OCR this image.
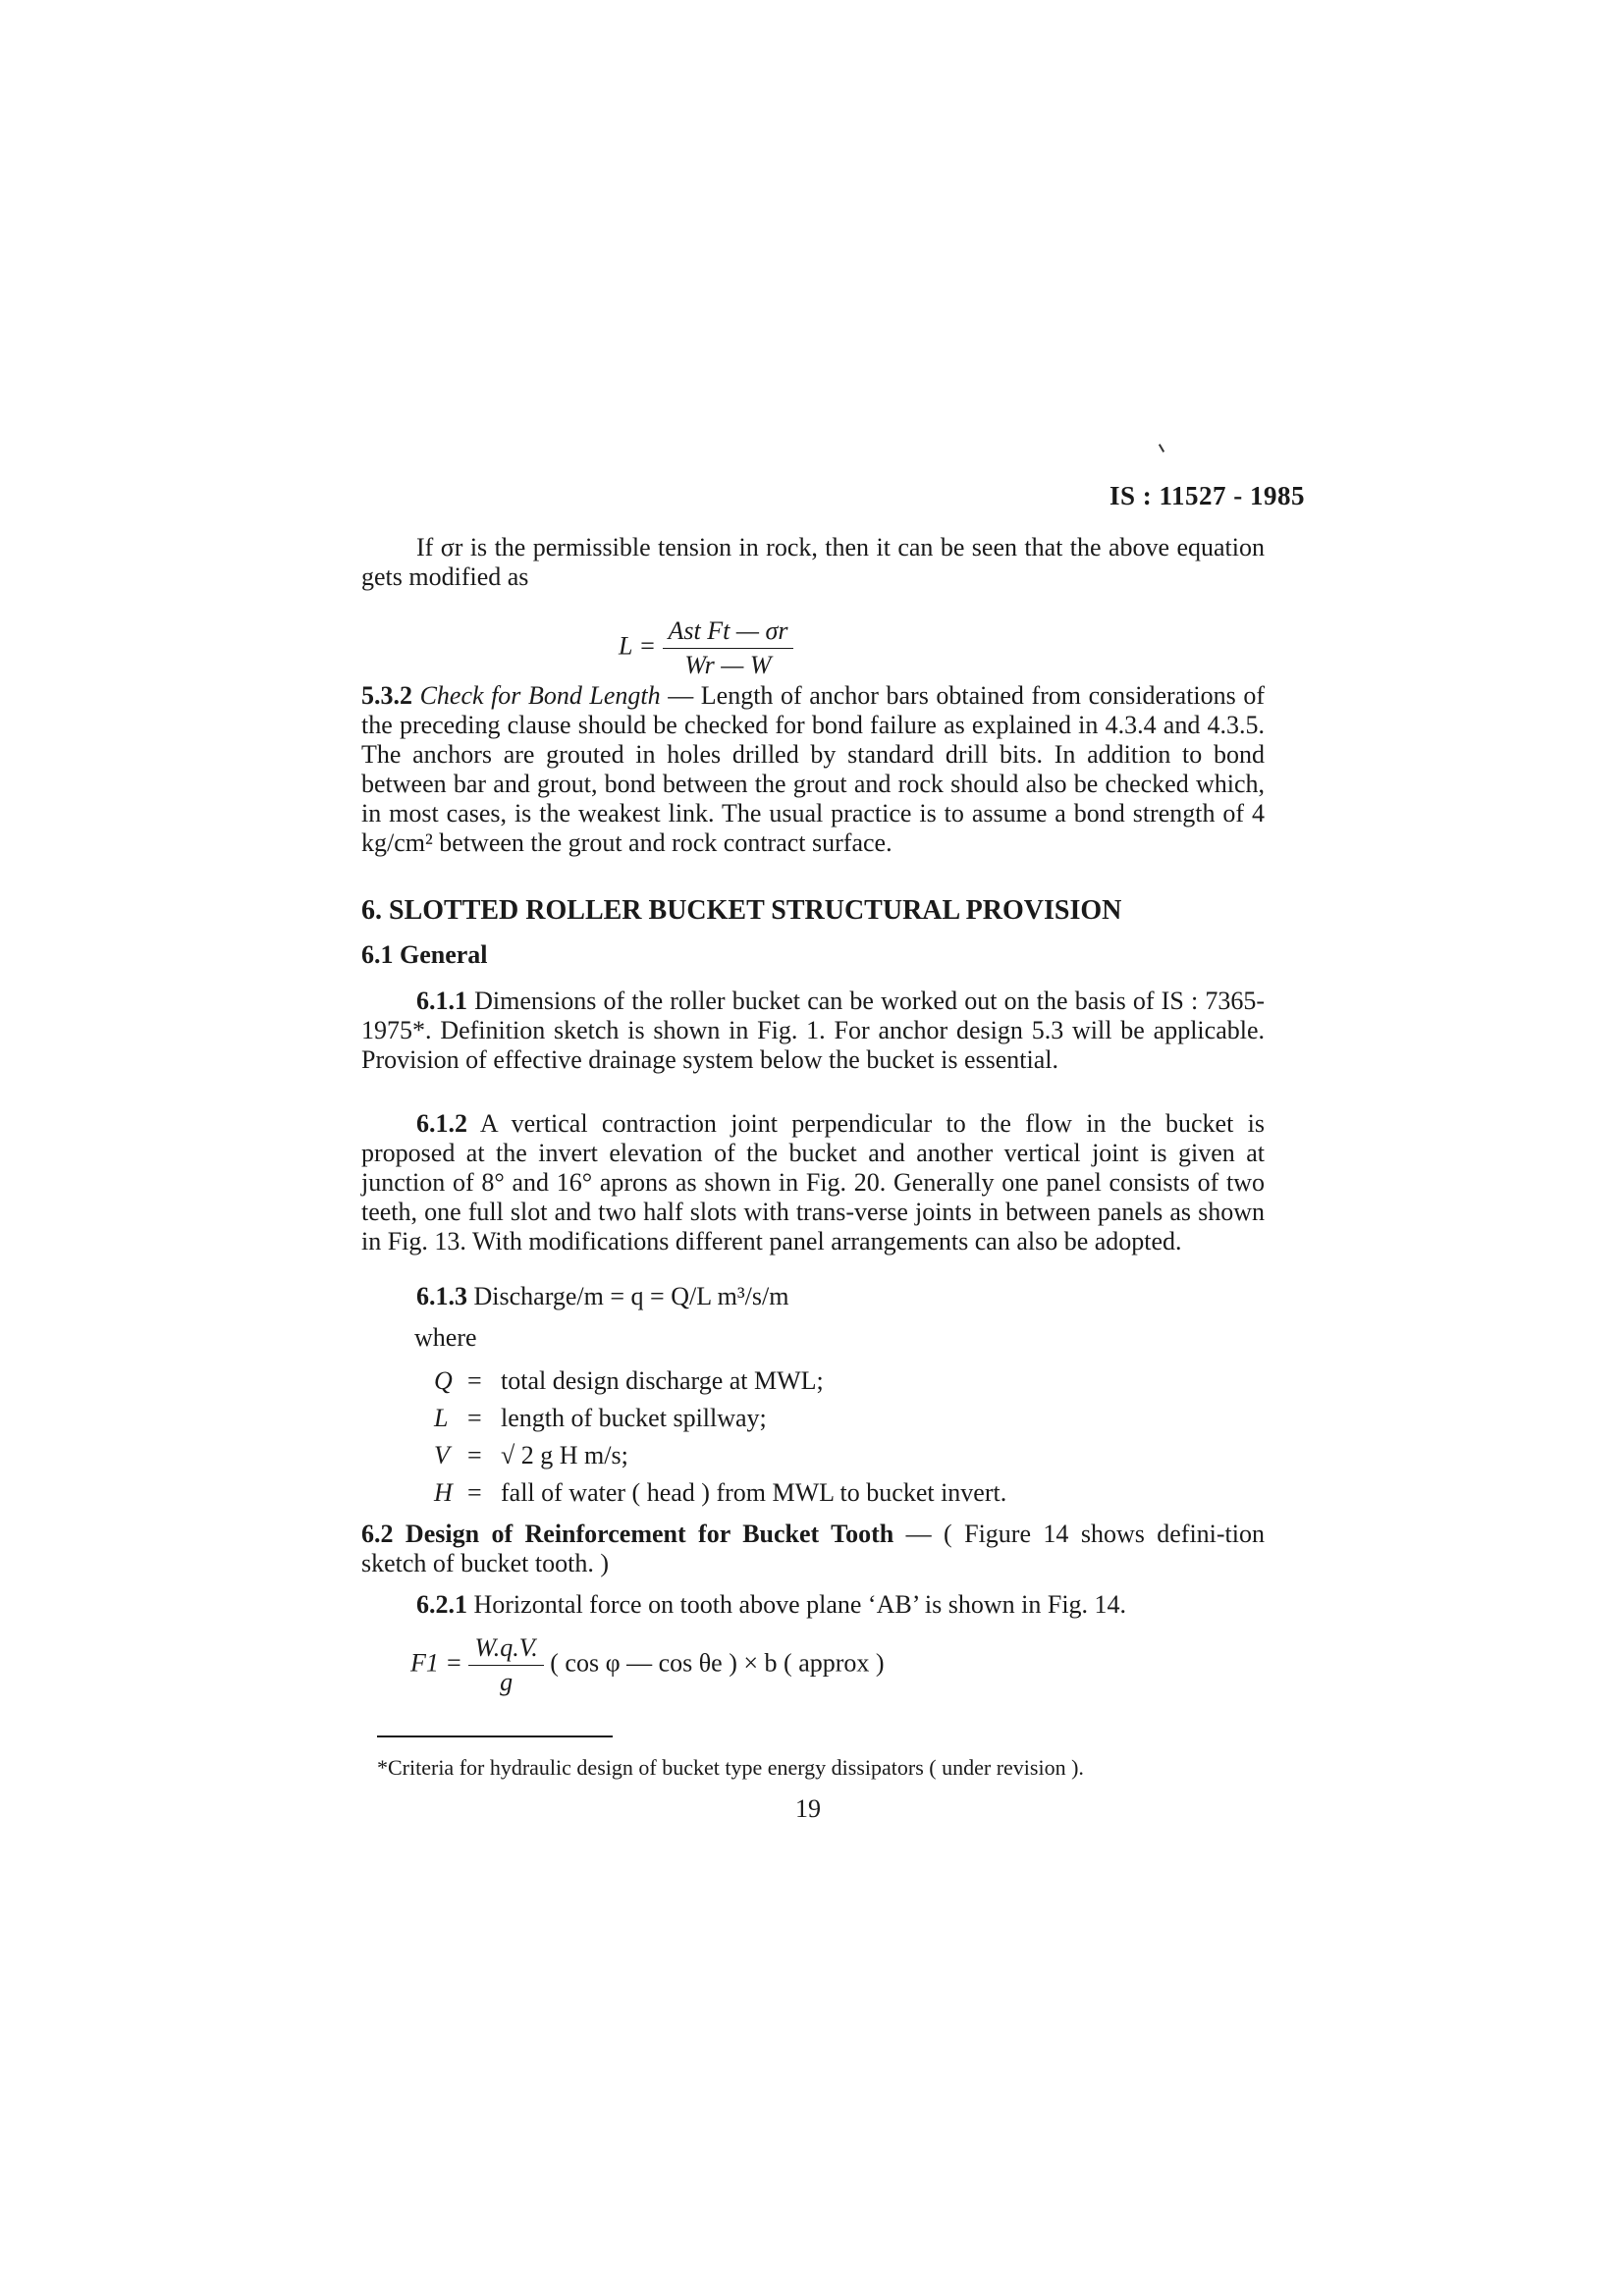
IS : 11527 - 1985

If σr is the permissible tension in rock, then it can be seen that the above equation gets modified as

$L = \frac{\text{Ast Ft — σr}}{Wr — W}$

5.3.2 Check for Bond Length — Length of anchor bars obtained from considerations of the preceding clause should be checked for bond failure as explained in 4.3.4 and 4.3.5. The anchors are grouted in holes drilled by standard drill bits. In addition to bond between bar and grout, bond between the grout and rock should also be checked which, in most cases, is the weakest link. The usual practice is to assume a bond strength of 4 kg/cm² between the grout and rock contract surface.

6. SLOTTED ROLLER BUCKET STRUCTURAL PROVISION
6.1 General

6.1.1 Dimensions of the roller bucket can be worked out on the basis of IS : 7365-1975*. Definition sketch is shown in Fig. 1. For anchor design 5.3 will be applicable. Provision of effective drainage system below the bucket is essential.

6.1.2 A vertical contraction joint perpendicular to the flow in the bucket is proposed at the invert elevation of the bucket and another vertical joint is given at junction of 8° and 16° aprons as shown in Fig. 20. Generally one panel consists of two teeth, one full slot and two half slots with trans-verse joints in between panels as shown in Fig. 13. With modifications different panel arrangements can also be adopted.

6.1.3 Discharge/m = q = Q/L m³/s/m

where

Q = total design discharge at MWL;
L = length of bucket spillway;
V = √ 2 g H m/s;
H = fall of water ( head ) from MWL to bucket invert.

6.2 Design of Reinforcement for Bucket Tooth — ( Figure 14 shows defini-tion sketch of bucket tooth. )

6.2.1 Horizontal force on tooth above plane ‘AB’ is shown in Fig. 14.

$F1 = \frac{W.q.V.}{g}$ ( cos φ — cos θe ) × b ( approx )
*Criteria for hydraulic design of bucket type energy dissipators ( under revision ).
19
